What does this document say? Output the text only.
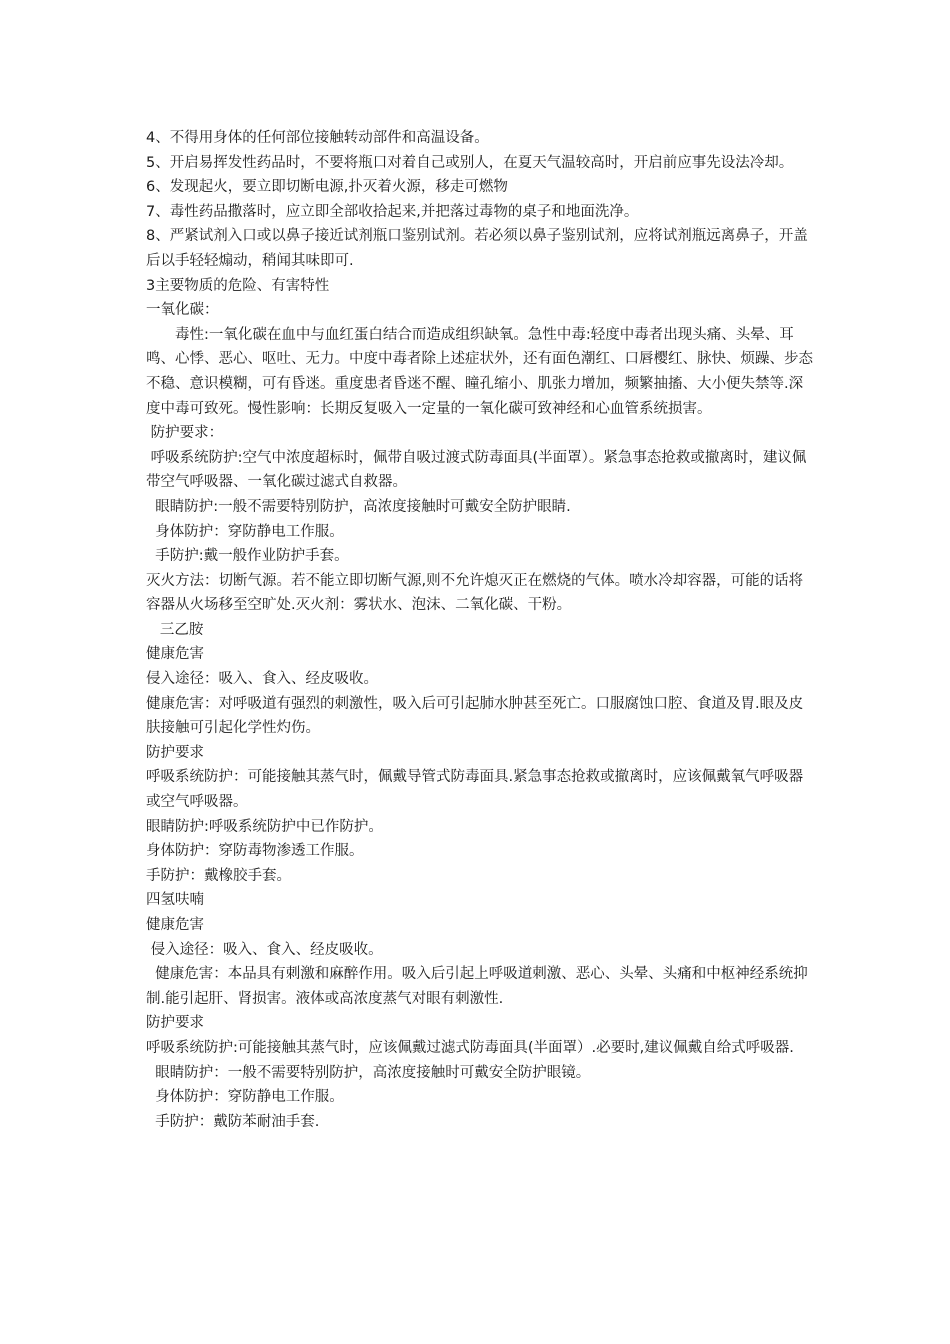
4、不得用身体的任何部位接触转动部件和高温设备。

5、开启易挥发性药品时，不要将瓶口对着自己或别人，在夏天气温较高时，开启前应事先设法冷却。

6、发现起火，要立即切断电源,扑灭着火源，移走可燃物

7、毒性药品撒落时，应立即全部收拾起来,并把落过毒物的桌子和地面洗净。

8、严紧试剂入口或以鼻子接近试剂瓶口鉴别试剂。若必须以鼻子鉴别试剂，应将试剂瓶远离鼻子，开盖后以手轻轻煽动，稍闻其味即可.

3主要物质的危险、有害特性

一氧化碳：

　　毒性:一氧化碳在血中与血红蛋白结合而造成组织缺氧。急性中毒:轻度中毒者出现头痛、头晕、耳鸣、心悸、恶心、呕吐、无力。中度中毒者除上述症状外，还有面色潮红、口唇樱红、脉快、烦躁、步态不稳、意识模糊，可有昏迷。重度患者昏迷不醒、瞳孔缩小、肌张力增加，频繁抽搐、大小便失禁等.深度中毒可致死。慢性影响：长期反复吸入一定量的一氧化碳可致神经和心血管系统损害。

防护要求：

呼吸系统防护:空气中浓度超标时，佩带自吸过渡式防毒面具(半面罩）。紧急事态抢救或撤离时，建议佩带空气呼吸器、一氧化碳过滤式自救器。

眼睛防护:一般不需要特别防护，高浓度接触时可戴安全防护眼睛.

身体防护：穿防静电工作服。

手防护:戴一般作业防护手套。

灭火方法：切断气源。若不能立即切断气源,则不允许熄灭正在燃烧的气体。喷水冷却容器，可能的话将容器从火场移至空旷处.灭火剂：雾状水、泡沫、二氧化碳、干粉。

三乙胺

健康危害

侵入途径：吸入、食入、经皮吸收。

健康危害：对呼吸道有强烈的刺激性，吸入后可引起肺水肿甚至死亡。口服腐蚀口腔、食道及胃.眼及皮肤接触可引起化学性灼伤。

防护要求

呼吸系统防护：可能接触其蒸气时，佩戴导管式防毒面具.紧急事态抢救或撤离时，应该佩戴氧气呼吸器或空气呼吸器。

眼睛防护:呼吸系统防护中已作防护。

身体防护：穿防毒物渗透工作服。

手防护：戴橡胶手套。

四氢呋喃

健康危害

侵入途径：吸入、食入、经皮吸收。

健康危害：本品具有刺激和麻醉作用。吸入后引起上呼吸道刺激、恶心、头晕、头痛和中枢神经系统抑制.能引起肝、肾损害。液体或高浓度蒸气对眼有刺激性.

防护要求

呼吸系统防护:可能接触其蒸气时，应该佩戴过滤式防毒面具(半面罩）.必要时,建议佩戴自给式呼吸器.

眼睛防护：一般不需要特别防护，高浓度接触时可戴安全防护眼镜。

身体防护：穿防静电工作服。

手防护：戴防苯耐油手套.
